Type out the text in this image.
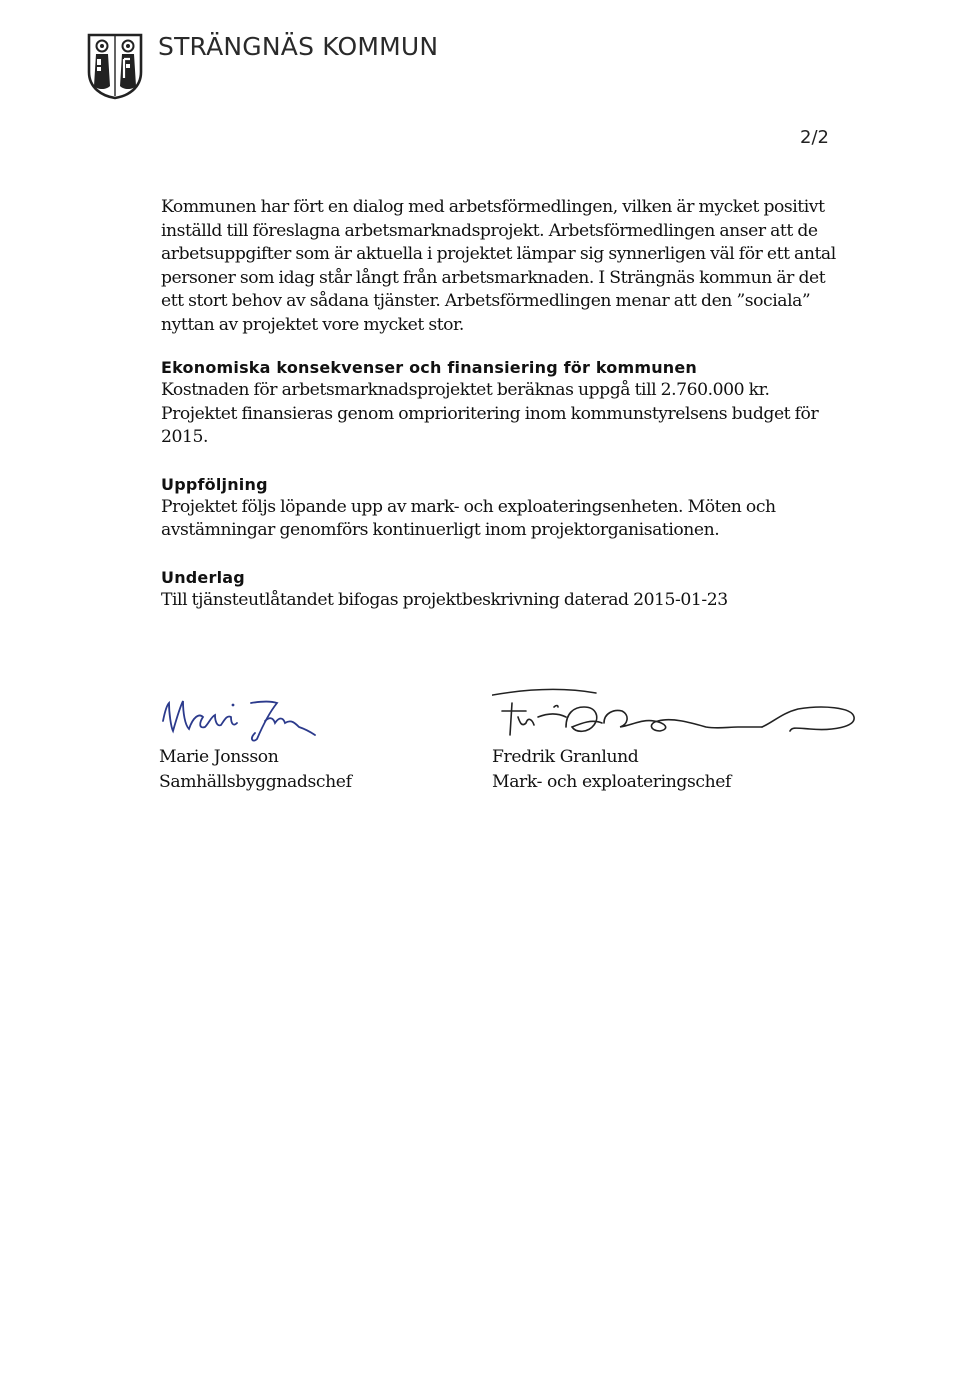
STRÄNGNÄS KOMMUN
2/2
Kommunen har fört en dialog med arbetsförmedlingen, vilken är mycket positivt
inställd till föreslagna arbetsmarknadsprojekt. Arbetsförmedlingen anser att de
arbetsuppgifter som är aktuella i projektet lämpar sig synnerligen väl för ett antal
personer som idag står långt från arbetsmarknaden. I Strängnäs kommun är det
ett stort behov av sådana tjänster. Arbetsförmedlingen menar att den ”sociala”
nyttan av projektet vore mycket stor.
Ekonomiska konsekvenser och finansiering för kommunen
Kostnaden för arbetsmarknadsprojektet beräknas uppgå till 2.760.000 kr.
Projektet finansieras genom omprioritering inom kommunstyrelsens budget för
2015.
Uppföljning
Projektet följs löpande upp av mark- och exploateringsenheten. Möten och
avstämningar genomförs kontinuerligt inom projektorganisationen.
Underlag
Till tjänsteutlåtandet bifogas projektbeskrivning daterad 2015-01-23
Marie Jonsson
Samhällsbyggnadschef
Fredrik Granlund
Mark- och exploateringschef
